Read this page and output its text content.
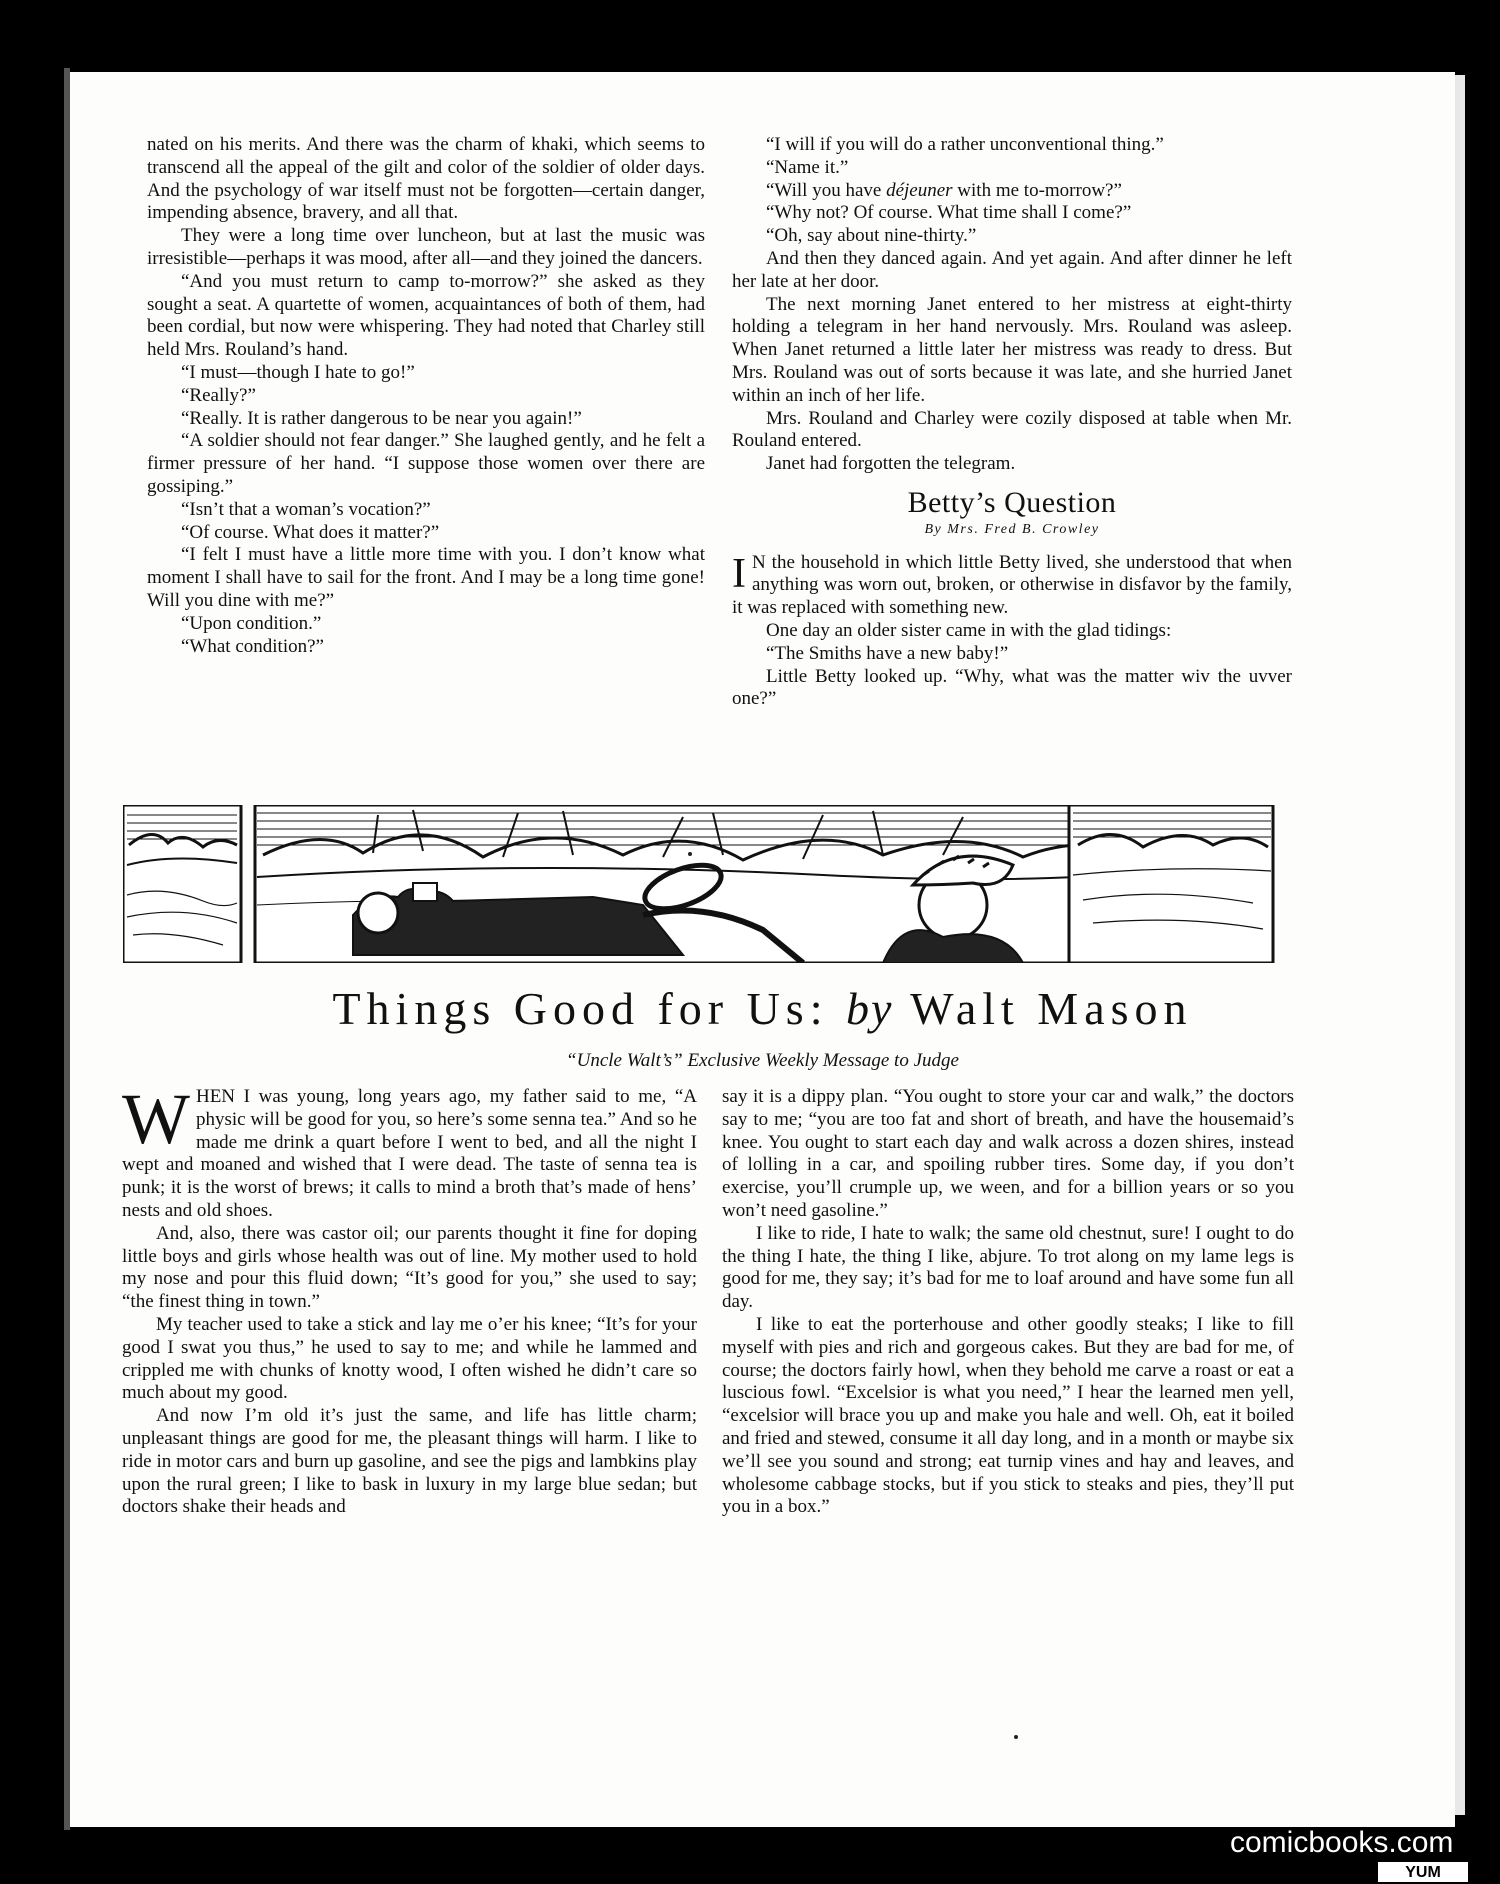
nated on his merits. And there was the charm of khaki, which seems to transcend all the appeal of the gilt and color of the soldier of older days. And the psychology of war itself must not be forgotten—certain danger, impending absence, bravery, and all that.

They were a long time over luncheon, but at last the music was irresistible—perhaps it was mood, after all—and they joined the dancers.

“And you must return to camp to-morrow?” she asked as they sought a seat. A quartette of women, acquaintances of both of them, had been cordial, but now were whispering. They had noted that Charley still held Mrs. Rouland’s hand.

“I must—though I hate to go!”

“Really?”

“Really. It is rather dangerous to be near you again!”

“A soldier should not fear danger.” She laughed gently, and he felt a firmer pressure of her hand. “I suppose those women over there are gossiping.”

“Isn’t that a woman’s vocation?”

“Of course. What does it matter?”

“I felt I must have a little more time with you. I don’t know what moment I shall have to sail for the front. And I may be a long time gone! Will you dine with me?”

“Upon condition.”

“What condition?”

“I will if you will do a rather unconventional thing.”

“Name it.”

“Will you have déjeuner with me to-morrow?”

“Why not? Of course. What time shall I come?”

“Oh, say about nine-thirty.”

And then they danced again. And yet again. And after dinner he left her late at her door.

The next morning Janet entered to her mistress at eight-thirty holding a telegram in her hand nervously. Mrs. Rouland was asleep. When Janet returned a little later her mistress was ready to dress. But Mrs. Rouland was out of sorts because it was late, and she hurried Janet within an inch of her life.

Mrs. Rouland and Charley were cozily disposed at table when Mr. Rouland entered.

Janet had forgotten the telegram.

Betty’s Question
By Mrs. Fred B. Crowley

I N the household in which little Betty lived, she understood that when anything was worn out, broken, or otherwise in disfavor by the family, it was replaced with something new.

One day an older sister came in with the glad tidings:

“The Smiths have a new baby!”

Little Betty looked up. “Why, what was the matter wiv the uvver one?”

Things Good for Us: by Walt Mason
“Uncle Walt’s” Exclusive Weekly Message to Judge

WHEN I was young, long years ago, my father said to me, “A physic will be good for you, so here’s some senna tea.” And so he made me drink a quart before I went to bed, and all the night I wept and moaned and wished that I were dead. The taste of senna tea is punk; it is the worst of brews; it calls to mind a broth that’s made of hens’ nests and old shoes.

And, also, there was castor oil; our parents thought it fine for doping little boys and girls whose health was out of line. My mother used to hold my nose and pour this fluid down; “It’s good for you,” she used to say; “the finest thing in town.”

My teacher used to take a stick and lay me o’er his knee; “It’s for your good I swat you thus,” he used to say to me; and while he lammed and crippled me with chunks of knotty wood, I often wished he didn’t care so much about my good.

And now I’m old it’s just the same, and life has little charm; unpleasant things are good for me, the pleasant things will harm. I like to ride in motor cars and burn up gasoline, and see the pigs and lambkins play upon the rural green; I like to bask in luxury in my large blue sedan; but doctors shake their heads and

say it is a dippy plan. “You ought to store your car and walk,” the doctors say to me; “you are too fat and short of breath, and have the housemaid’s knee. You ought to start each day and walk across a dozen shires, instead of lolling in a car, and spoiling rubber tires. Some day, if you don’t exercise, you’ll crumple up, we ween, and for a billion years or so you won’t need gasoline.”

I like to ride, I hate to walk; the same old chestnut, sure! I ought to do the thing I hate, the thing I like, abjure. To trot along on my lame legs is good for me, they say; it’s bad for me to loaf around and have some fun all day.

I like to eat the porterhouse and other goodly steaks; I like to fill myself with pies and rich and gorgeous cakes. But they are bad for me, of course; the doctors fairly howl, when they behold me carve a roast or eat a luscious fowl. “Excelsior is what you need,” I hear the learned men yell, “excelsior will brace you up and make you hale and well. Oh, eat it boiled and fried and stewed, consume it all day long, and in a month or maybe six we’ll see you sound and strong; eat turnip vines and hay and leaves, and wholesome cabbage stocks, but if you stick to steaks and pies, they’ll put you in a box.”

comicbooks.com
YUM
